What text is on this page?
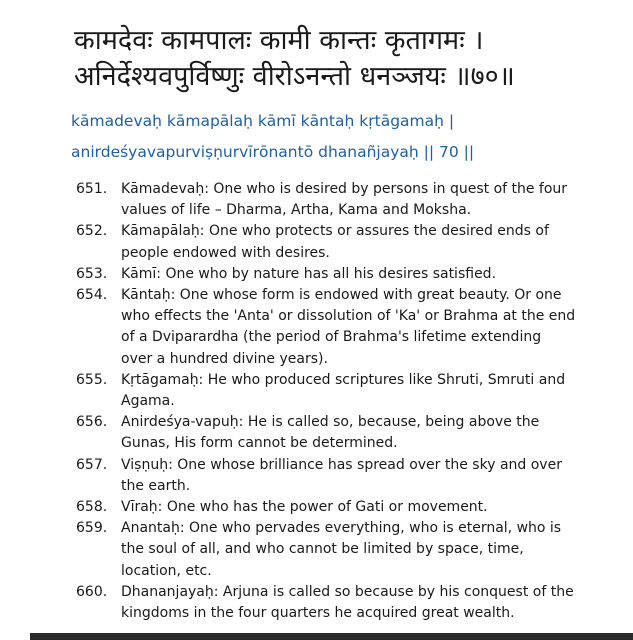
कामदेवः कामपालः कामी कान्तः कृतागमः ।
अनिर्देश्यवपुर्विष्णुः वीरोऽनन्तो धनञ्जयः ॥७०॥
kāmadevaḥ kāmapālaḥ kāmī kāntaḥ kṛtāgamaḥ |
anirdeśyavapurviṣṇurvīrōnantō dhanañjayaḥ || 70 ||
651. Kāmadevaḥ: One who is desired by persons in quest of the four values of life – Dharma, Artha, Kama and Moksha.
652. Kāmapālaḥ: One who protects or assures the desired ends of people endowed with desires.
653. Kāmī: One who by nature has all his desires satisfied.
654. Kāntaḥ: One whose form is endowed with great beauty. Or one who effects the 'Anta' or dissolution of 'Ka' or Brahma at the end of a Dviparardha (the period of Brahma's lifetime extending over a hundred divine years).
655. Kṛtāgamaḥ: He who produced scriptures like Shruti, Smruti and Agama.
656. Anirdeśya-vapuḥ: He is called so, because, being above the Gunas, His form cannot be determined.
657. Viṣṇuḥ: One whose brilliance has spread over the sky and over the earth.
658. Vīraḥ: One who has the power of Gati or movement.
659. Anantaḥ: One who pervades everything, who is eternal, who is the soul of all, and who cannot be limited by space, time, location, etc.
660. Dhananjayaḥ: Arjuna is called so because by his conquest of the kingdoms in the four quarters he acquired great wealth.
